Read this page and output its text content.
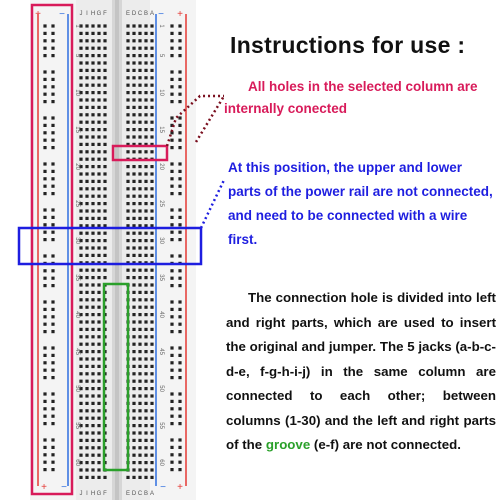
J
J
I
I
H
H
G
G
F
F
E
E
D
D
C
C
B
B
A
A
1	1
5	5
10	10
15	15
20	20
25	25
30	30
35	35
40	40
45	45
50	50
55	55
60	60
+ −	+
−
+ −	+
−
Instructions for use :

All holes in the selected column are internally conected

At this position, the upper and lower parts of the power rail are not connected, and need to be connected with a wire first.

The connection hole is divided into left and right parts, which are used to insert the original and jumper. The 5 jacks (a-b-c-d-e, f-g-h-i-j) in the same column are connected to each other; between columns (1-30) and the left and right parts of the groove (e-f) are not connected.
